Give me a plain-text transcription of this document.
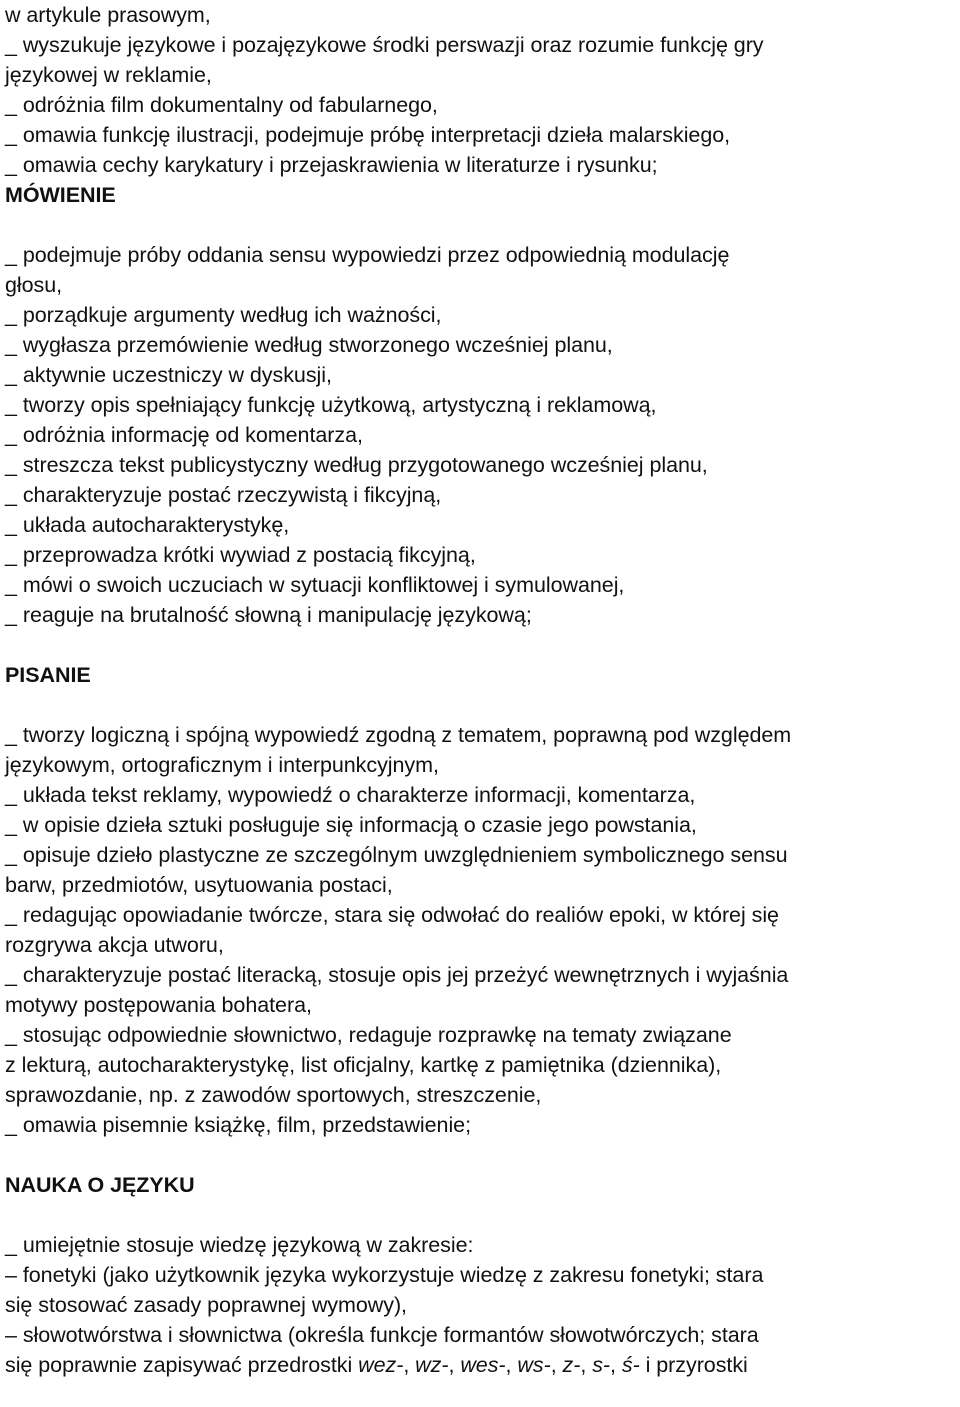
w artykule prasowym,
_ wyszukuje językowe i pozajęzykowe środki perswazji oraz rozumie funkcję gry
językowej w reklamie,
_ odróżnia film dokumentalny od fabularnego,
_ omawia funkcję ilustracji, podejmuje próbę interpretacji dzieła malarskiego,
_ omawia cechy karykatury i przejaskrawienia w literaturze i rysunku;
MÓWIENIE
_ podejmuje próby oddania sensu wypowiedzi przez odpowiednią modulację
głosu,
_ porządkuje argumenty według ich ważności,
_ wygłasza przemówienie według stworzonego wcześniej planu,
_ aktywnie uczestniczy w dyskusji,
_ tworzy opis spełniający funkcję użytkową, artystyczną i reklamową,
_ odróżnia informację od komentarza,
_ streszcza tekst publicystyczny według przygotowanego wcześniej planu,
_ charakteryzuje postać rzeczywistą i fikcyjną,
_ układa autocharakterystykę,
_ przeprowadza krótki wywiad z postacią fikcyjną,
_ mówi o swoich uczuciach w sytuacji konfliktowej i symulowanej,
_ reaguje na brutalność słowną i manipulację językową;
PISANIE
_ tworzy logiczną i spójną wypowiedź zgodną z tematem, poprawną pod względem
językowym, ortograficznym i interpunkcyjnym,
_ układa tekst reklamy, wypowiedź o charakterze informacji, komentarza,
_ w opisie dzieła sztuki posługuje się informacją o czasie jego powstania,
_ opisuje dzieło plastyczne ze szczególnym uwzględnieniem symbolicznego sensu
barw, przedmiotów, usytuowania postaci,
_ redagując opowiadanie twórcze, stara się odwołać do realiów epoki, w której się
rozgrywa akcja utworu,
_ charakteryzuje postać literacką, stosuje opis jej przeżyć wewnętrznych i wyjaśnia
motywy postępowania bohatera,
_ stosując odpowiednie słownictwo, redaguje rozprawkę na tematy związane
z lekturą, autocharakterystykę, list oficjalny, kartkę z pamiętnika (dziennika),
sprawozdanie, np. z zawodów sportowych, streszczenie,
_ omawia pisemnie książkę, film, przedstawienie;
NAUKA O JĘZYKU
_ umiejętnie stosuje wiedzę językową w zakresie:
– fonetyki (jako użytkownik języka wykorzystuje wiedzę z zakresu fonetyki; stara
się stosować zasady poprawnej wymowy),
– słowotwórstwa i słownictwa (określa funkcje formantów słowotwórczych; stara
się poprawnie zapisywać przedrostki wez-, wz-, wes-, ws-, z-, s-, ś- i przyrostki
